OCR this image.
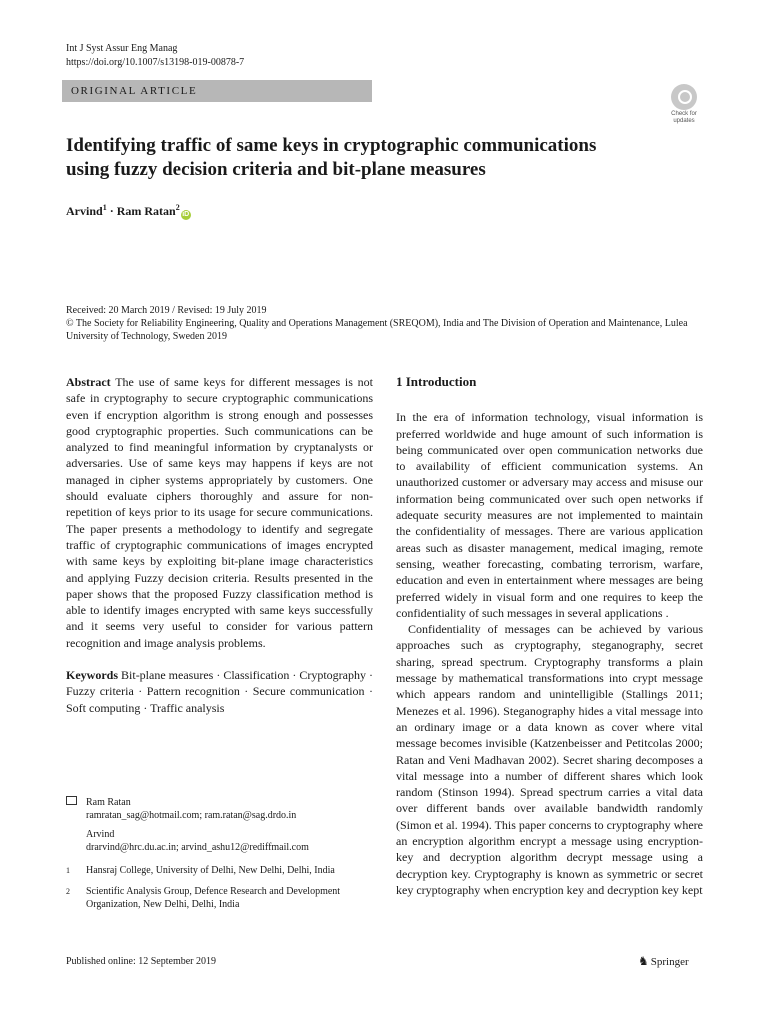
Int J Syst Assur Eng Manag
https://doi.org/10.1007/s13198-019-00878-7
ORIGINAL ARTICLE
Check for updates
Identifying traffic of same keys in cryptographic communications
using fuzzy decision criteria and bit-plane measures
Arvind$^1$ · Ram Ratan$^2$iD
Received: 20 March 2019 / Revised: 19 July 2019
© The Society for Reliability Engineering, Quality and Operations Management (SREQOM), India and The Division of Operation and Maintenance, Lulea University of Technology, Sweden 2019

Abstract The use of same keys for different messages is not safe in cryptography to secure cryptographic communications even if encryption algorithm is strong enough and possesses good cryptographic properties. Such communications can be analyzed to find meaningful information by cryptanalysts or adversaries. Use of same keys may happens if keys are not managed in cipher systems appropriately by customers. One should evaluate ciphers thoroughly and assure for non-repetition of keys prior to its usage for secure communications. The paper presents a methodology to identify and segregate traffic of cryptographic communications of images encrypted with same keys by exploiting bit-plane image characteristics and applying Fuzzy decision criteria. Results presented in the paper shows that the proposed Fuzzy classification method is able to identify images encrypted with same keys successfully and it seems very useful to consider for various pattern recognition and image analysis problems.

Keywords Bit-plane measures · Classification · Cryptography · Fuzzy criteria · Pattern recognition · Secure communication · Soft computing · Traffic analysis

Ram Ratan
ramratan_sag@hotmail.com; ram.ratan@sag.drdo.in
Arvind
drarvind@hrc.du.ac.in; arvind_ashu12@rediffmail.com
1	Hansraj College, University of Delhi, New Delhi, Delhi, India
2	Scientific Analysis Group, Defence Research and Development Organization, New Delhi, Delhi, India
1 Introduction

In the era of information technology, visual information is preferred worldwide and huge amount of such information is being communicated over open communication networks due to availability of efficient communication systems. An unauthorized customer or adversary may access and misuse our information being communicated over such open networks if adequate security measures are not implemented to maintain the confidentiality of messages. There are various application areas such as disaster management, medical imaging, remote sensing, weather forecasting, combating terrorism, warfare, education and even in entertainment where messages are being preferred widely in visual form and one requires to keep the confidentiality of such messages in several applications .

Confidentiality of messages can be achieved by various approaches such as cryptography, steganography, secret sharing, spread spectrum. Cryptography transforms a plain message by mathematical transformations into crypt message which appears random and unintelligible (Stallings 2011; Menezes et al. 1996). Steganography hides a vital message into an ordinary image or a data known as cover where vital message becomes invisible (Katzenbeisser and Petitcolas 2000; Ratan and Veni Madhavan 2002). Secret sharing decomposes a vital message into a number of different shares which look random (Stinson 1994). Spread spectrum carries a vital data over different bands over available bandwidth randomly (Simon et al. 1994). This paper concerns to cryptography where an encryption algorithm encrypt a message using encryption-key and decryption algorithm decrypt message using a decryption key. Cryptography is known as symmetric or secret key cryptography when encryption key and decryption key kept

Published online: 12 September 2019	♞ Springer
